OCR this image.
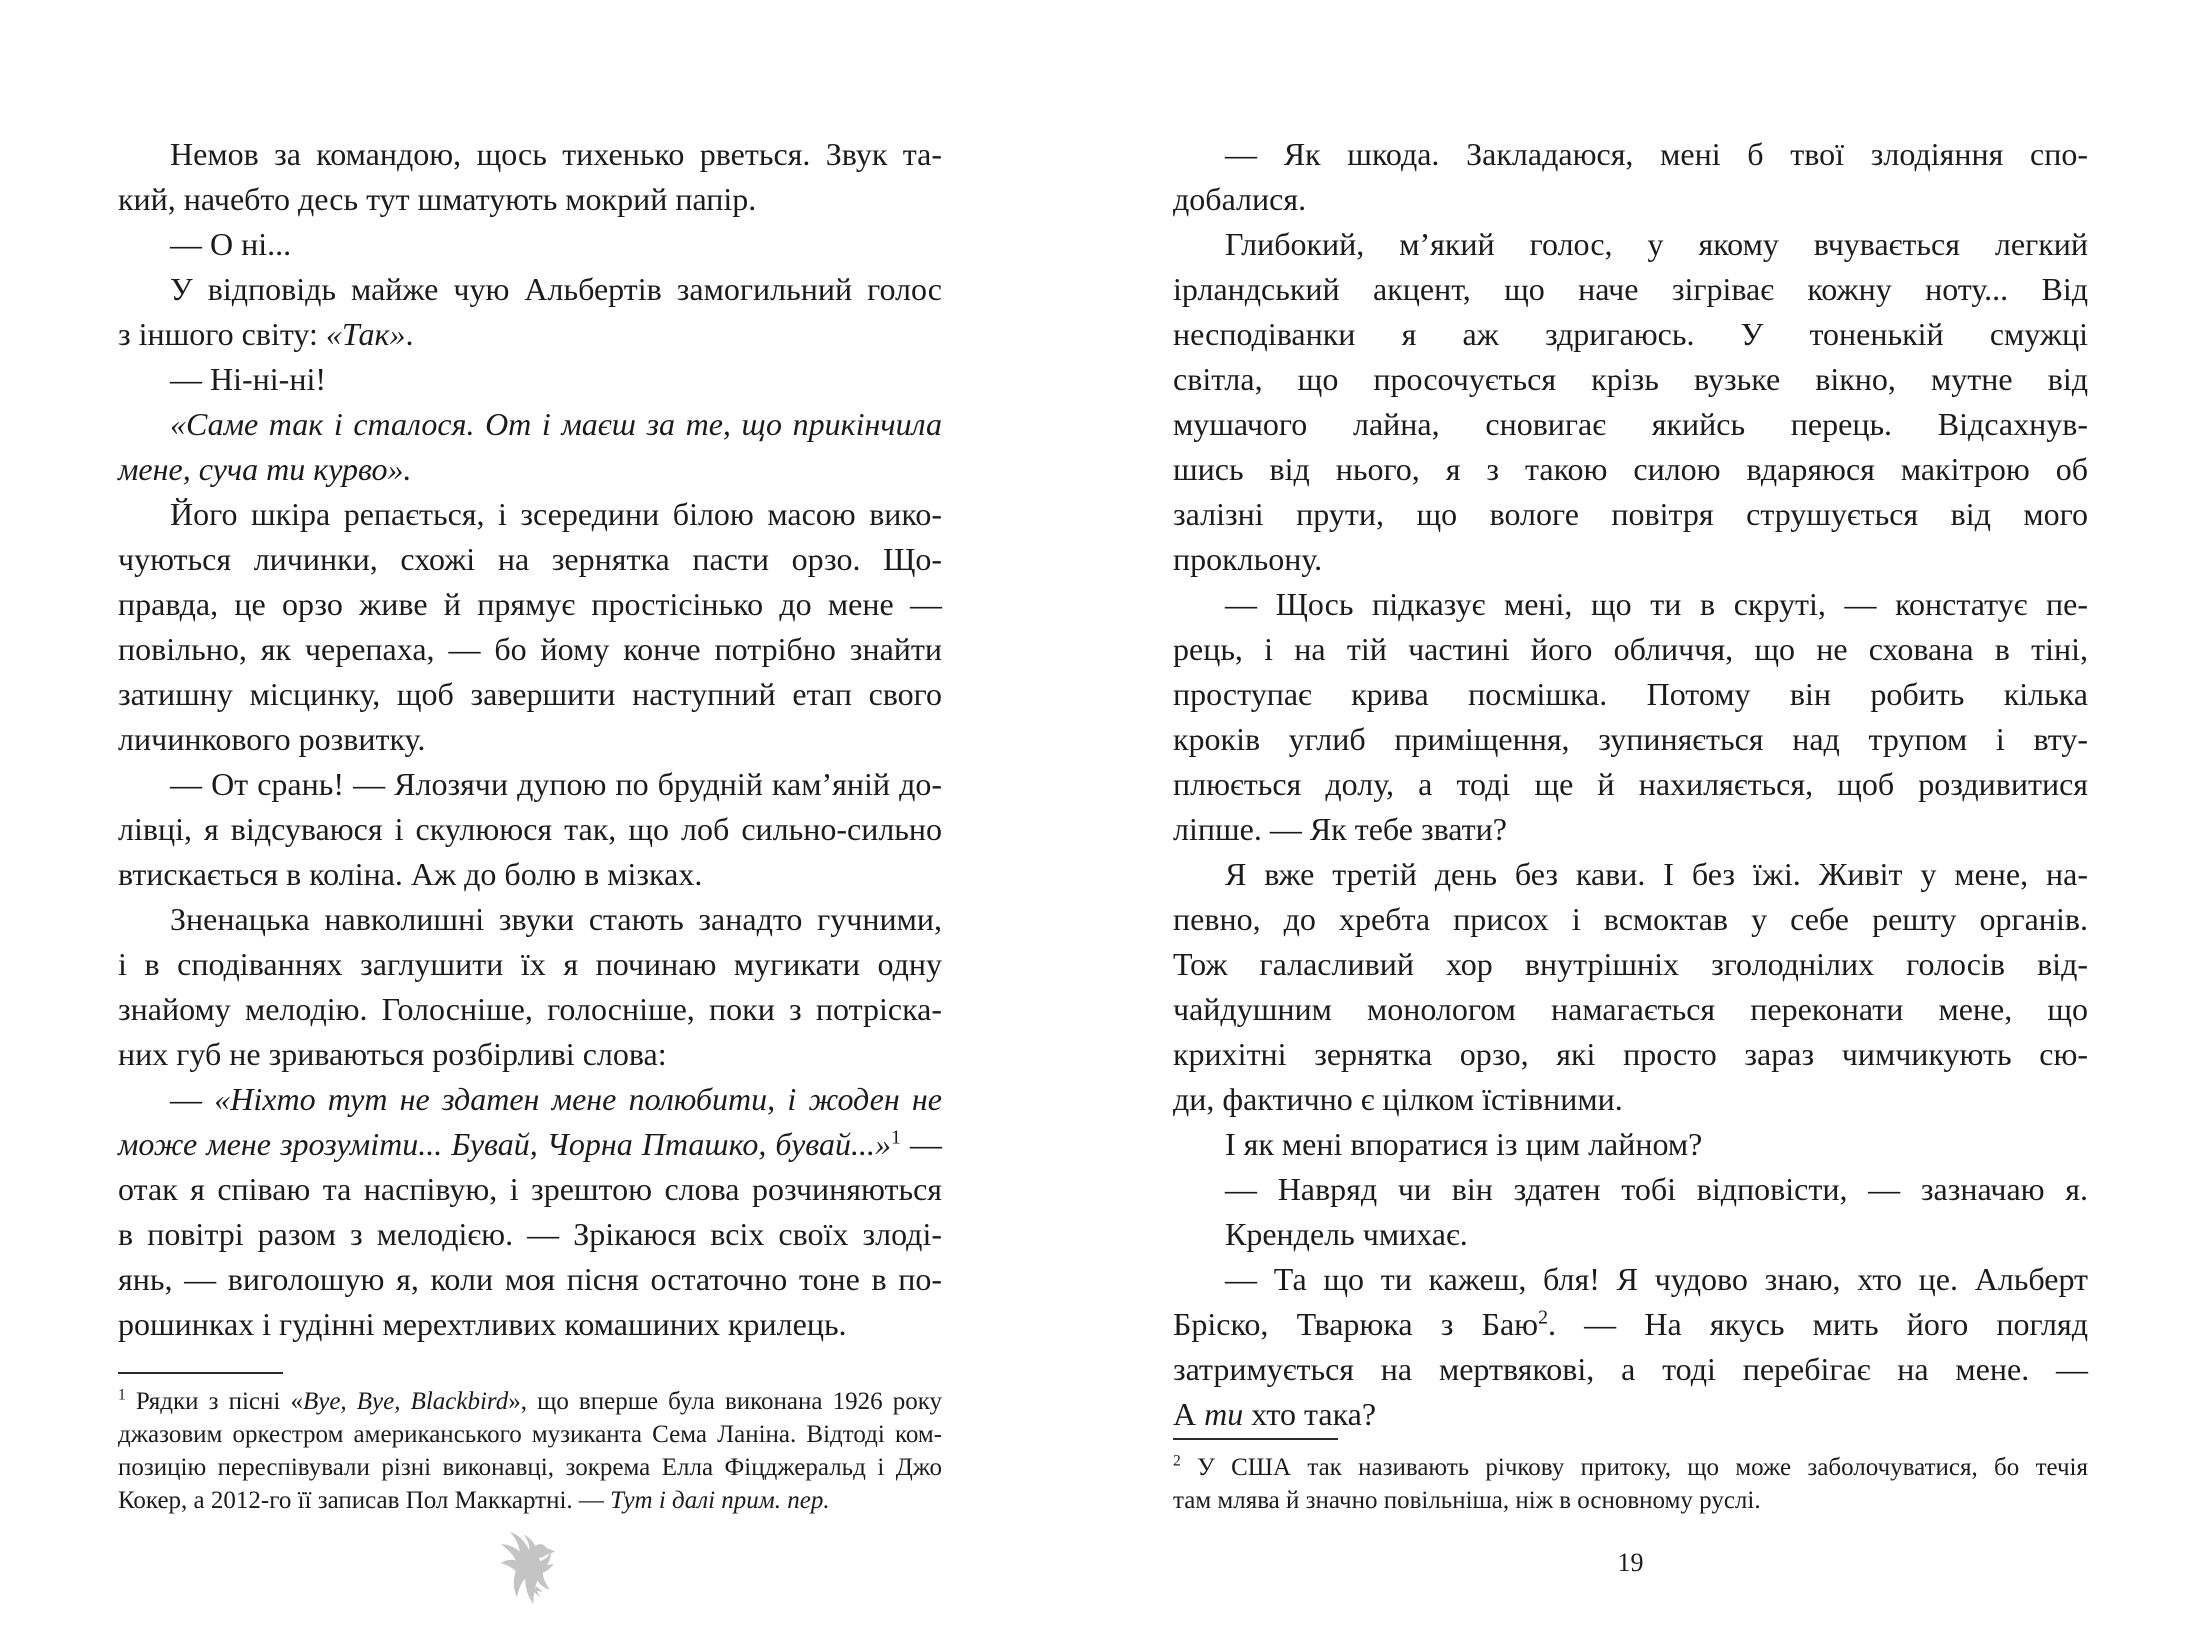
Немов за командою, щось тихенько рветься. Звук та-
кий, начебто десь тут шматують мокрий папір.
— О ні...
У відповідь майже чую Альбертів замогильний голос
з іншого світу: «Так».
— Ні-ні-ні!
«Саме так і сталося. От і маєш за те, що прикінчила
мене, суча ти курво».
Його шкіра репається, і зсередини білою масою вико-
чуються личинки, схожі на зернятка пасти орзо. Що-
правда, це орзо живе й прямує простісінько до мене —
повільно, як черепаха, — бо йому конче потрібно знайти
затишну місцинку, щоб завершити наступний етап свого
личинкового розвитку.
— От срань! — Ялозячи дупою по брудній кам’яній до-
лівці, я відсуваюся і скулююся так, що лоб сильно-сильно
втискається в коліна. Аж до болю в мізках.
Зненацька навколишні звуки стають занадто гучними,
і в сподіваннях заглушити їх я починаю мугикати одну
знайому мелодію. Голосніше, голосніше, поки з потріска-
них губ не зриваються розбірливі слова:
— «Ніхто тут не здатен мене полюбити, і жоден не
може мене зрозуміти... Бувай, Чорна Пташко, бувай...»$^1$ —
отак я співаю та наспівую, і зрештою слова розчиняються
в повітрі разом з мелодією. — Зрікаюся всіх своїх злоді-
янь, — виголошую я, коли моя пісня остаточно тоне в по-
рошинках і гудінні мерехтливих комашиних крилець.
$^1$ Рядки з пісні «Bye, Bye, Blackbird», що вперше була виконана 1926 року
джазовим оркестром американського музиканта Сема Ланіна. Відтоді ком-
позицію переспівували різні виконавці, зокрема Елла Фіцджеральд і Джо
Кокер, а 2012-го її записав Пол Маккартні. — Тут і далі прим. пер.
— Як шкода. Закладаюся, мені б твої злодіяння спо-
добалися.
Глибокий, м’який голос, у якому вчувається легкий
ірландський акцент, що наче зігріває кожну ноту... Від
несподіванки я аж здригаюсь. У тоненькій смужці
світла, що просочується крізь вузьке вікно, мутне від
мушачого лайна, сновигає якийсь перець. Відсахнув-
шись від нього, я з такою силою вдаряюся макітрою об
залізні прути, що вологе повітря струшується від мого
прокльону.
— Щось підказує мені, що ти в скруті, — констатує пе-
рець, і на тій частині його обличчя, що не схована в тіні,
проступає крива посмішка. Потому він робить кілька
кроків углиб приміщення, зупиняється над трупом і вту-
плюється долу, а тоді ще й нахиляється, щоб роздивитися
ліпше. — Як тебе звати?
Я вже третій день без кави. І без їжі. Живіт у мене, на-
певно, до хребта присох і всмоктав у себе решту органів.
Тож галасливий хор внутрішніх зголоднілих голосів від-
чайдушним монологом намагається переконати мене, що
крихітні зернятка орзо, які просто зараз чимчикують сю-
ди, фактично є цілком їстівними.
І як мені впоратися із цим лайном?
— Навряд чи він здатен тобі відповісти, — зазначаю я.
Крендель чмихає.
— Та що ти кажеш, бля! Я чудово знаю, хто це. Альберт
Бріско, Тварюка з Баю$^2$. — На якусь мить його погляд
затримується на мертвякові, а тоді перебігає на мене. —
А ти хто така?
$^2$ У США так називають річкову притоку, що може заболочуватися, бо течія
там млява й значно повільніша, ніж в основному руслі.
19
